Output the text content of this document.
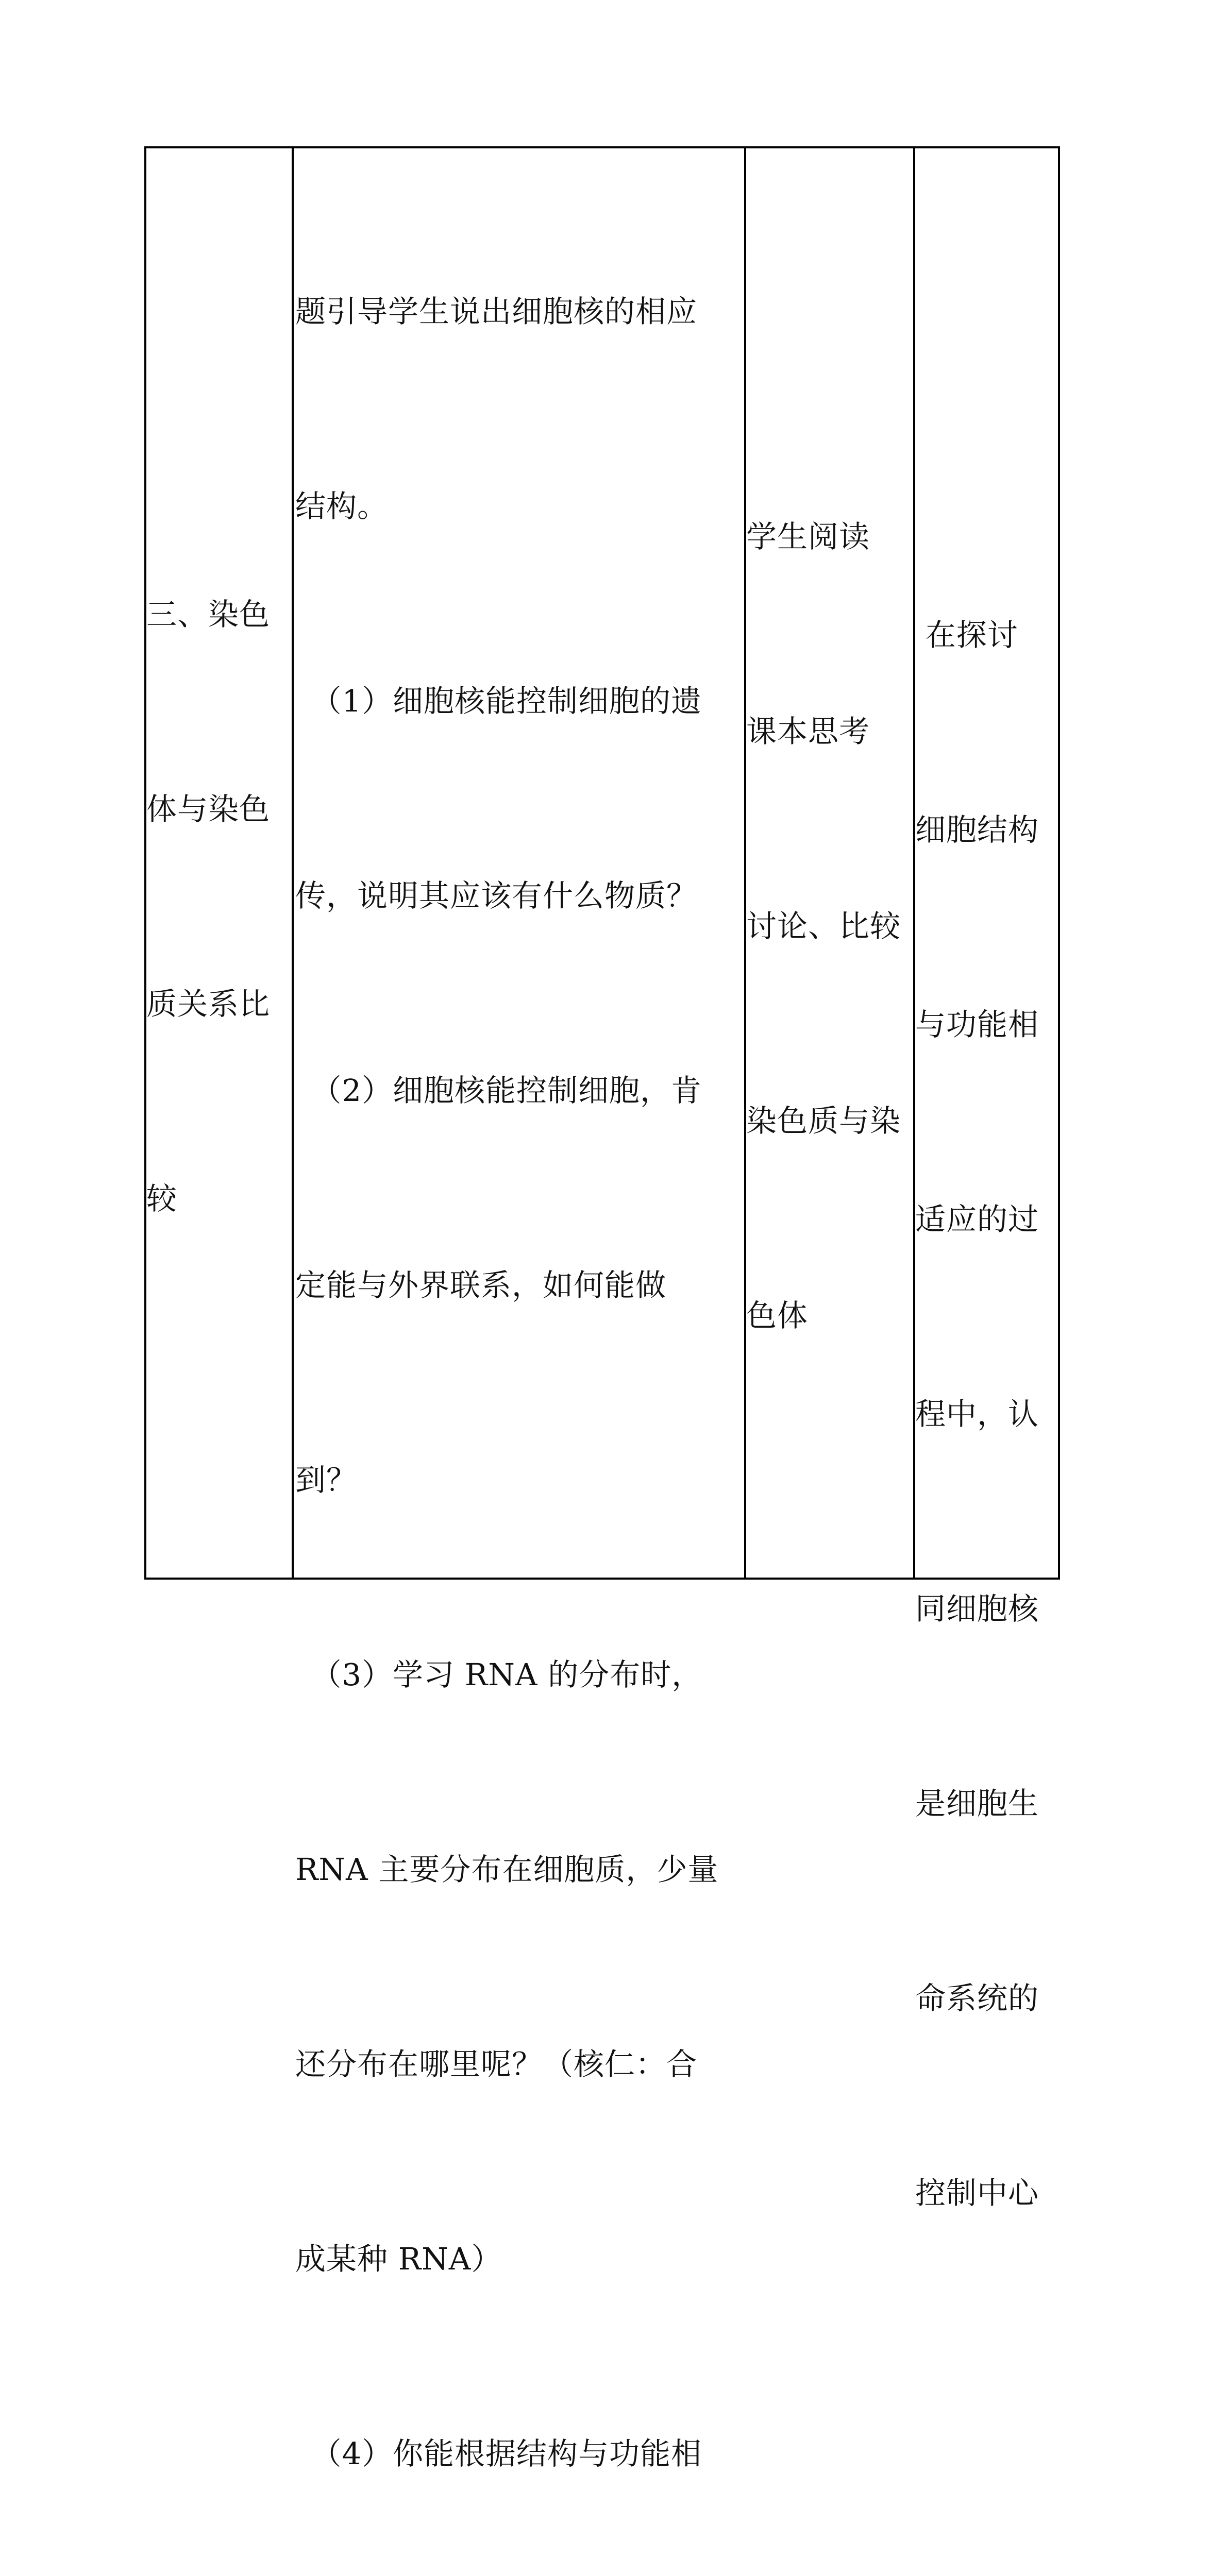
三、染色

体与染色

质关系比

较

题引导学生说出细胞核的相应

结构。

　（1）细胞核能控制细胞的遗

传，说明其应该有什么物质？

　（2）细胞核能控制细胞，肯

定能与外界联系，如何能做

到？

　（3）学习 RNA 的分布时，

RNA 主要分布在细胞质，少量

还分布在哪里呢？（核仁：合

成某种 RNA）

　（4）你能根据结构与功能相

学生阅读

课本思考

讨论、比较

染色质与染

色体

在探讨

细胞结构

与功能相

适应的过

程中，认

同细胞核

是细胞生

命系统的

控制中心
